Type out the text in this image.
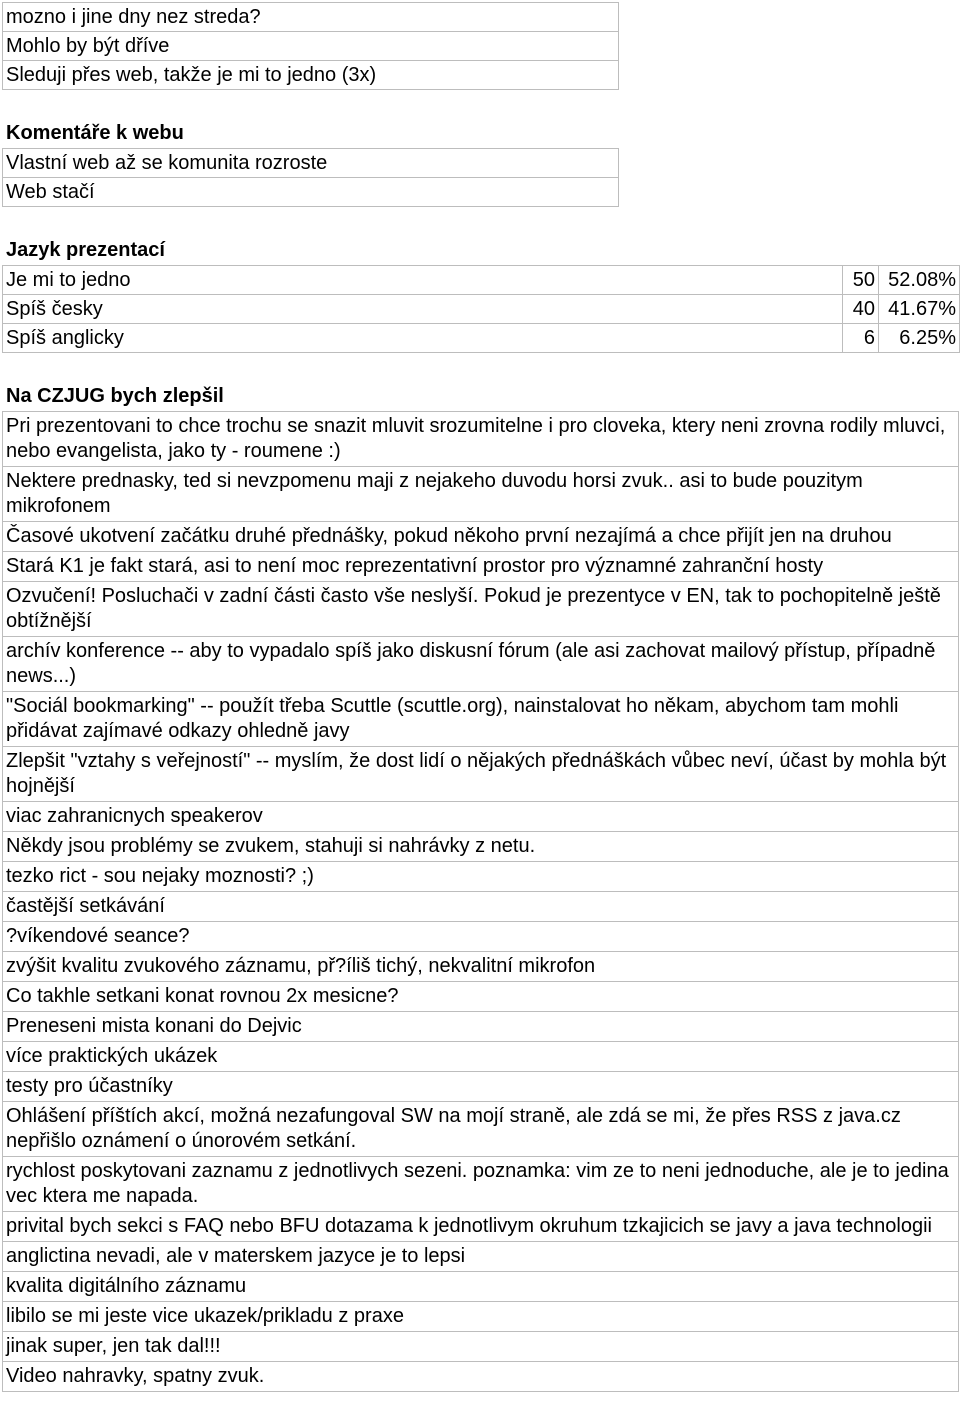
mozno i jine dny nez streda?
Mohlo by být dříve
Sleduji přes web, takže je mi to jedno (3x)
Komentáře k webu
Vlastní web až se komunita rozroste
Web stačí
Jazyk prezentací
Je mi to jedno	50	52.08%
Spíš česky	40	41.67%
Spíš anglicky	6	6.25%
Na CZJUG bych zlepšil
Pri prezentovani to chce trochu se snazit mluvit srozumitelne i pro cloveka, ktery neni zrovna rodily mluvci, nebo evangelista, jako ty - roumene :)
Nektere prednasky, ted si nevzpomenu maji z nejakeho duvodu horsi zvuk.. asi to bude pouzitym mikrofonem
Časové ukotvení začátku druhé přednášky, pokud někoho první nezajímá a chce přijít jen na druhou
Stará K1 je fakt stará, asi to není moc reprezentativní prostor pro významné zahranční hosty
Ozvučení! Posluchači v zadní části často vše neslyší. Pokud je prezentyce v EN, tak to pochopitelně ještě obtížnější
archív konference -- aby to vypadalo spíš jako diskusní fórum (ale asi zachovat mailový přístup, případně news...)
"Sociál bookmarking" -- použít třeba Scuttle (scuttle.org), nainstalovat ho někam, abychom tam mohli přidávat zajímavé odkazy ohledně javy
Zlepšit "vztahy s veřejností" -- myslím, že dost lidí o nějakých přednáškách vůbec neví, účast by mohla být hojnější
viac zahranicnych speakerov
Někdy jsou problémy se zvukem, stahuji si nahrávky z netu.
tezko rict - sou nejaky moznosti? ;)
častější setkávání
?víkendové seance?
zvýšit kvalitu zvukového záznamu, př?íliš tichý, nekvalitní mikrofon
Co takhle setkani konat rovnou 2x mesicne?
Preneseni mista konani do Dejvic
více praktických ukázek
testy pro účastníky
Ohlášení příštích akcí, možná nezafungoval SW na mojí straně, ale zdá se mi, že přes RSS z java.cz nepřišlo oznámení o únorovém setkání.
rychlost poskytovani zaznamu z jednotlivych sezeni. poznamka: vim ze to neni jednoduche, ale je to jedina vec ktera me napada.
privital bych sekci s FAQ nebo BFU dotazama k jednotlivym okruhum tzkajicich se javy a java technologii
anglictina nevadi, ale v materskem jazyce je to lepsi
kvalita digitálního záznamu
libilo se mi jeste vice ukazek/prikladu z praxe
jinak super, jen tak dal!!!
Video nahravky, spatny zvuk.
